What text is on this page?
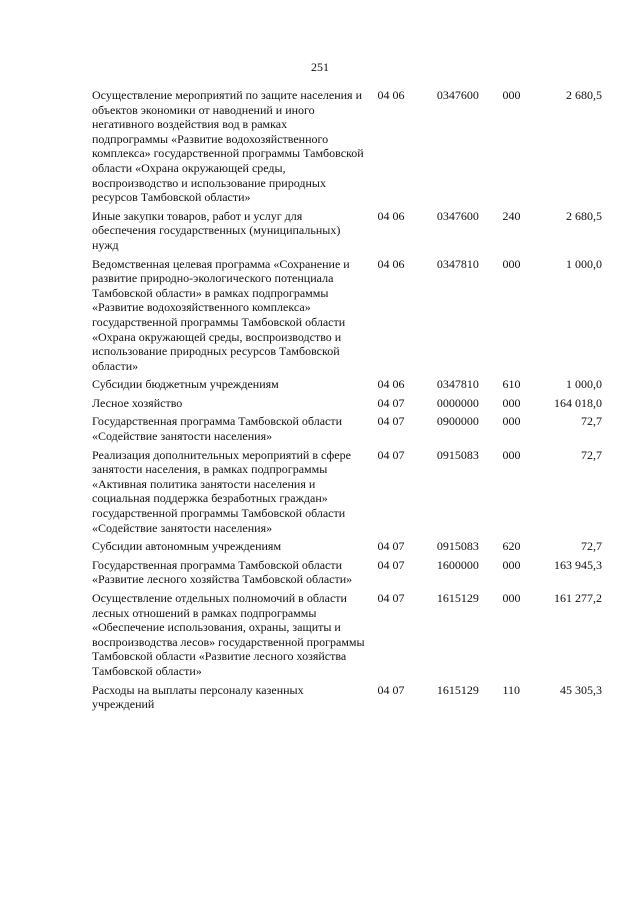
251
Осуществление мероприятий по защите населения и объектов экономики от наводнений и иного негативного воздействия вод в рамках подпрограммы «Развитие водохозяйственного комплекса» государственной программы Тамбовской области «Охрана окружающей среды, воспроизводство и использование природных ресурсов Тамбовской области»	04 06	0347600	000	2 680,5
Иные закупки товаров, работ и услуг для обеспечения государственных (муниципальных) нужд	04 06	0347600	240	2 680,5
Ведомственная целевая программа «Сохранение и развитие природно-экологического потенциала Тамбовской области» в рамках подпрограммы «Развитие водохозяйственного комплекса» государственной программы Тамбовской области «Охрана окружающей среды, воспроизводство и использование природных ресурсов Тамбовской области»	04 06	0347810	000	1 000,0
Субсидии бюджетным учреждениям	04 06	0347810	610	1 000,0
Лесное хозяйство	04 07	0000000	000	164 018,0
Государственная программа Тамбовской области «Содействие занятости населения»	04 07	0900000	000	72,7
Реализация дополнительных мероприятий в сфере занятости населения, в рамках подпрограммы «Активная политика занятости населения и социальная поддержка безработных граждан» государственной программы Тамбовской области «Содействие занятости населения»	04 07	0915083	000	72,7
Субсидии автономным учреждениям	04 07	0915083	620	72,7
Государственная программа Тамбовской области «Развитие лесного хозяйства Тамбовской области»	04 07	1600000	000	163 945,3
Осуществление отдельных полномочий в области лесных отношений в рамках подпрограммы «Обеспечение использования, охраны, защиты и воспроизводства лесов» государственной программы Тамбовской области «Развитие лесного хозяйства Тамбовской области»	04 07	1615129	000	161 277,2
Расходы на выплаты персоналу казенных учреждений	04 07	1615129	110	45 305,3
